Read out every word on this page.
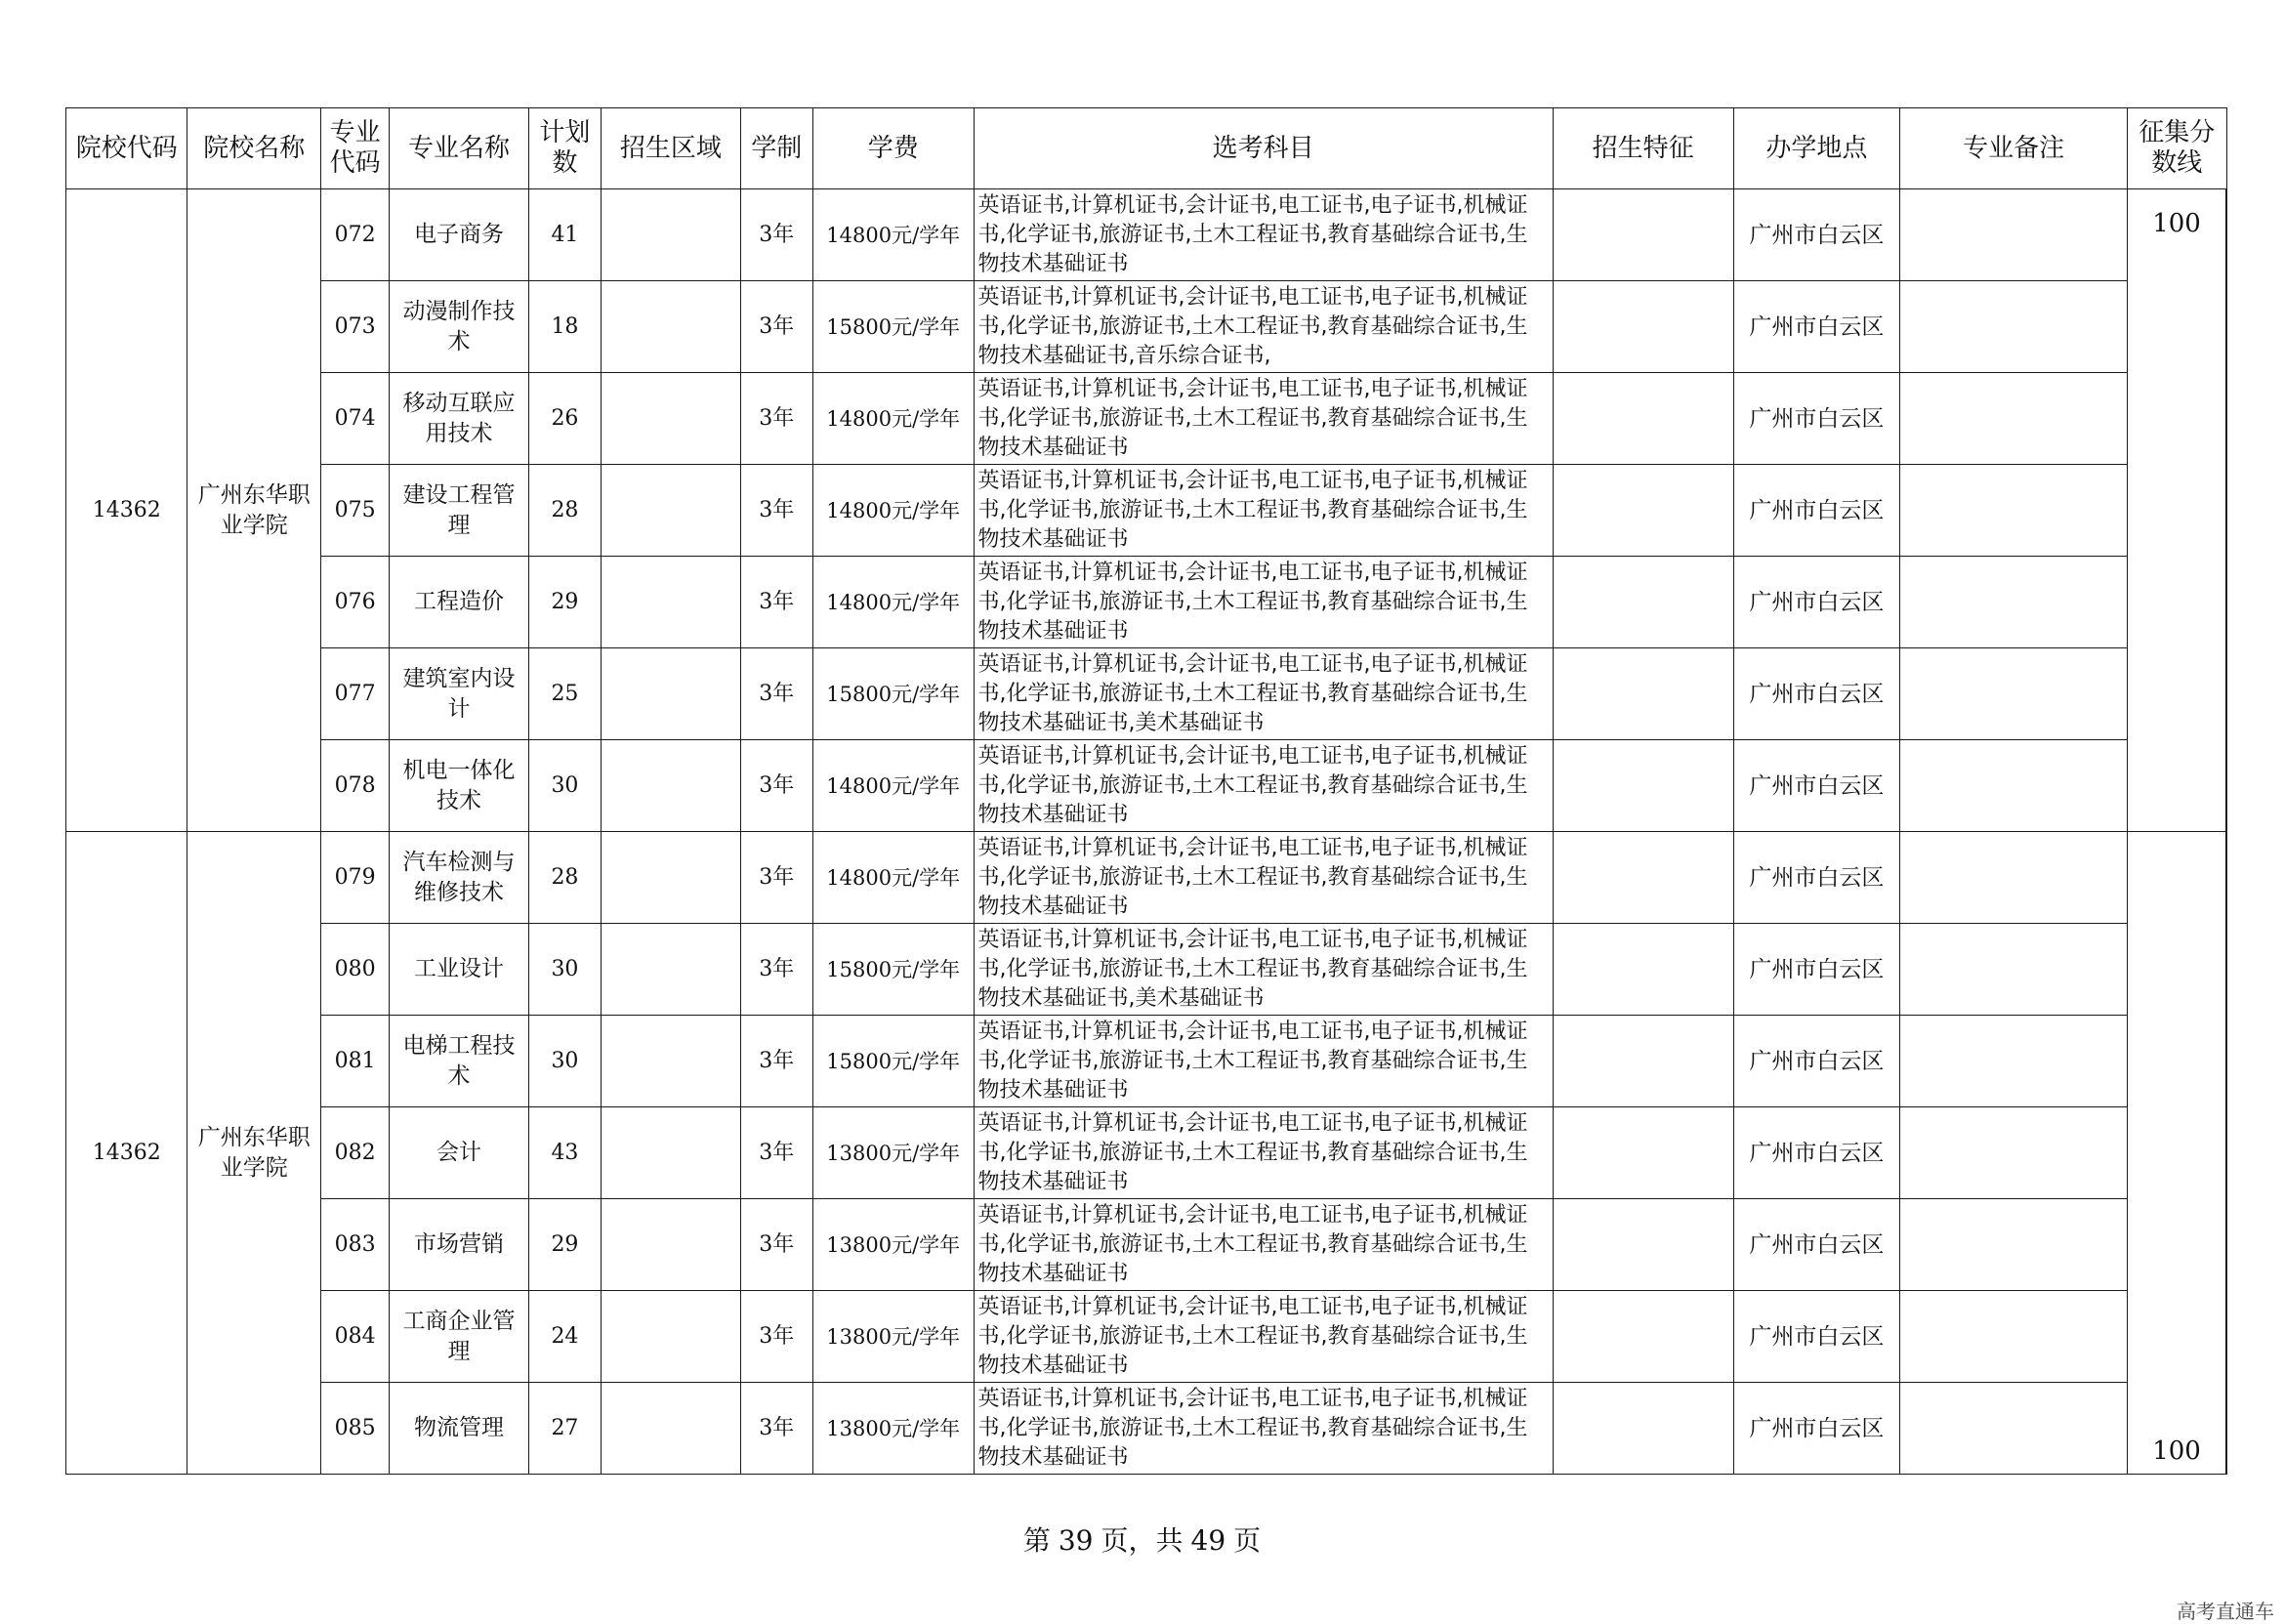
院校代码	院校名称	专业代码	专业名称	计划数	招生区域	学制	学费	选考科目	招生特征	办学地点	专业备注	征集分数线
14362	广州东华职业学院	072	电子商务	41		3年	14800元/学年	英语证书,计算机证书,会计证书,电工证书,电子证书,机械证书,化学证书,旅游证书,土木工程证书,教育基础综合证书,生物技术基础证书		广州市白云区		100
		073	动漫制作技术	18		3年	15800元/学年	英语证书,计算机证书,会计证书,电工证书,电子证书,机械证书,化学证书,旅游证书,土木工程证书,教育基础综合证书,生物技术基础证书,音乐综合证书,		广州市白云区		
		074	移动互联应用技术	26		3年	14800元/学年	英语证书,计算机证书,会计证书,电工证书,电子证书,机械证书,化学证书,旅游证书,土木工程证书,教育基础综合证书,生物技术基础证书		广州市白云区		
		075	建设工程管理	28		3年	14800元/学年	英语证书,计算机证书,会计证书,电工证书,电子证书,机械证书,化学证书,旅游证书,土木工程证书,教育基础综合证书,生物技术基础证书		广州市白云区		
		076	工程造价	29		3年	14800元/学年	英语证书,计算机证书,会计证书,电工证书,电子证书,机械证书,化学证书,旅游证书,土木工程证书,教育基础综合证书,生物技术基础证书		广州市白云区		
		077	建筑室内设计	25		3年	15800元/学年	英语证书,计算机证书,会计证书,电工证书,电子证书,机械证书,化学证书,旅游证书,土木工程证书,教育基础综合证书,生物技术基础证书,美术基础证书		广州市白云区		
		078	机电一体化技术	30		3年	14800元/学年	英语证书,计算机证书,会计证书,电工证书,电子证书,机械证书,化学证书,旅游证书,土木工程证书,教育基础综合证书,生物技术基础证书		广州市白云区		
14362	广州东华职业学院	079	汽车检测与维修技术	28		3年	14800元/学年	英语证书,计算机证书,会计证书,电工证书,电子证书,机械证书,化学证书,旅游证书,土木工程证书,教育基础综合证书,生物技术基础证书		广州市白云区		100
		080	工业设计	30		3年	15800元/学年	英语证书,计算机证书,会计证书,电工证书,电子证书,机械证书,化学证书,旅游证书,土木工程证书,教育基础综合证书,生物技术基础证书,美术基础证书		广州市白云区		
		081	电梯工程技术	30		3年	15800元/学年	英语证书,计算机证书,会计证书,电工证书,电子证书,机械证书,化学证书,旅游证书,土木工程证书,教育基础综合证书,生物技术基础证书		广州市白云区		
		082	会计	43		3年	13800元/学年	英语证书,计算机证书,会计证书,电工证书,电子证书,机械证书,化学证书,旅游证书,土木工程证书,教育基础综合证书,生物技术基础证书		广州市白云区		
		083	市场营销	29		3年	13800元/学年	英语证书,计算机证书,会计证书,电工证书,电子证书,机械证书,化学证书,旅游证书,土木工程证书,教育基础综合证书,生物技术基础证书		广州市白云区		
		084	工商企业管理	24		3年	13800元/学年	英语证书,计算机证书,会计证书,电工证书,电子证书,机械证书,化学证书,旅游证书,土木工程证书,教育基础综合证书,生物技术基础证书		广州市白云区		
		085	物流管理	27		3年	13800元/学年	英语证书,计算机证书,会计证书,电工证书,电子证书,机械证书,化学证书,旅游证书,土木工程证书,教育基础综合证书,生物技术基础证书		广州市白云区		
第 39 页，共 49 页
高考直通车
